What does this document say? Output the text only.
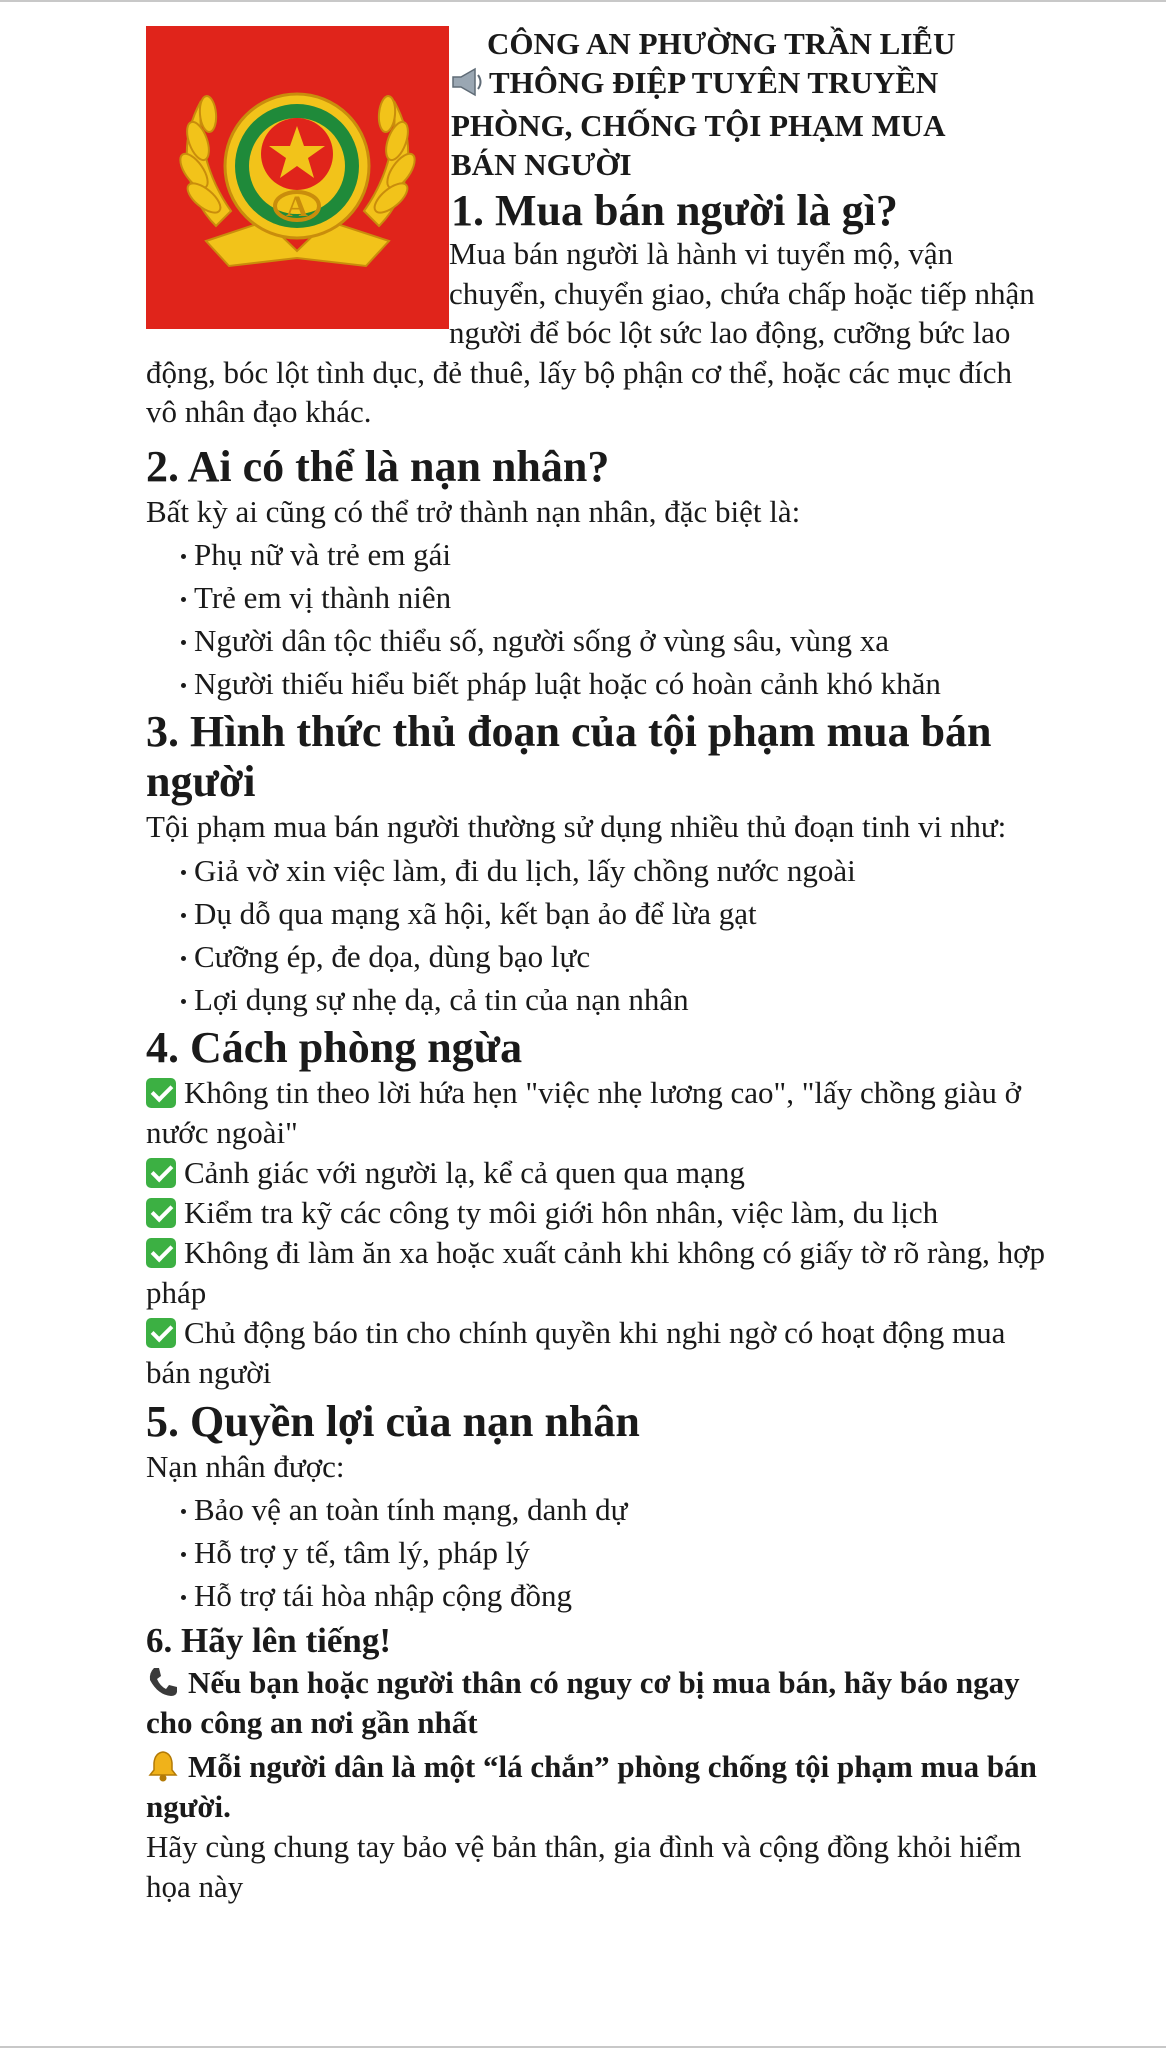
A
CÔNG AN PHƯỜNG TRẦN LIỄU
THÔNG ĐIỆP TUYÊN TRUYỀN
PHÒNG, CHỐNG TỘI PHẠM MUA
BÁN NGƯỜI
1. Mua bán người là gì?

Mua bán người là hành vi tuyển mộ, vận chuyển, chuyển giao, chứa chấp hoặc tiếp nhận người để bóc lột sức lao động, cưỡng bức lao động, bóc lột tình dục, đẻ thuê, lấy bộ phận cơ thể, hoặc các mục đích vô nhân đạo khác.

2. Ai có thể là nạn nhân?

Bất kỳ ai cũng có thể trở thành nạn nhân, đặc biệt là:

Phụ nữ và trẻ em gái
Trẻ em vị thành niên
Người dân tộc thiểu số, người sống ở vùng sâu, vùng xa
Người thiếu hiểu biết pháp luật hoặc có hoàn cảnh khó khăn
3. Hình thức thủ đoạn của tội phạm mua bán người

Tội phạm mua bán người thường sử dụng nhiều thủ đoạn tinh vi như:

Giả vờ xin việc làm, đi du lịch, lấy chồng nước ngoài
Dụ dỗ qua mạng xã hội, kết bạn ảo để lừa gạt
Cưỡng ép, đe dọa, dùng bạo lực
Lợi dụng sự nhẹ dạ, cả tin của nạn nhân
4. Cách phòng ngừa

Không tin theo lời hứa hẹn "việc nhẹ lương cao", "lấy chồng giàu ở nước ngoài"

Cảnh giác với người lạ, kể cả quen qua mạng

Kiểm tra kỹ các công ty môi giới hôn nhân, việc làm, du lịch

Không đi làm ăn xa hoặc xuất cảnh khi không có giấy tờ rõ ràng, hợp pháp

Chủ động báo tin cho chính quyền khi nghi ngờ có hoạt động mua bán người

5. Quyền lợi của nạn nhân

Nạn nhân được:

Bảo vệ an toàn tính mạng, danh dự
Hỗ trợ y tế, tâm lý, pháp lý
Hỗ trợ tái hòa nhập cộng đồng
6. Hãy lên tiếng!

Nếu bạn hoặc người thân có nguy cơ bị mua bán, hãy báo ngay cho công an nơi gần nhất

Mỗi người dân là một “lá chắn” phòng chống tội phạm mua bán người.

Hãy cùng chung tay bảo vệ bản thân, gia đình và cộng đồng khỏi hiểm họa này
